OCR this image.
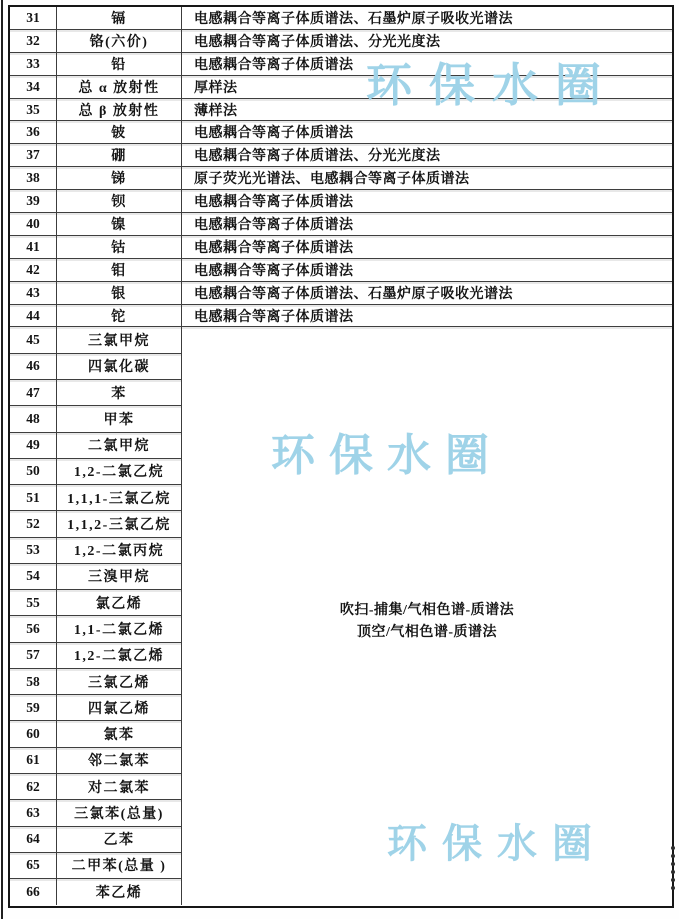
吹扫-捕集/气相色谱-质谱法
顶空/气相色谱-质谱法
31	镉	电感耦合等离子体质谱法、石墨炉原子吸收光谱法
32	铬(六价)	电感耦合等离子体质谱法、分光光度法
33	铅	电感耦合等离子体质谱法
34	总 α 放射性	厚样法
35	总 β 放射性	薄样法
36	铍	电感耦合等离子体质谱法
37	硼	电感耦合等离子体质谱法、分光光度法
38	锑	原子荧光光谱法、电感耦合等离子体质谱法
39	钡	电感耦合等离子体质谱法
40	镍	电感耦合等离子体质谱法
41	钴	电感耦合等离子体质谱法
42	钼	电感耦合等离子体质谱法
43	银	电感耦合等离子体质谱法、石墨炉原子吸收光谱法
44	铊	电感耦合等离子体质谱法
45	三氯甲烷
46	四氯化碳
47	苯
48	甲苯
49	二氯甲烷
50	1,2-二氯乙烷
51	1,1,1-三氯乙烷
52	1,1,2-三氯乙烷
53	1,2-二氯丙烷
54	三溴甲烷
55	氯乙烯
56	1,1-二氯乙烯
57	1,2-二氯乙烯
58	三氯乙烯
59	四氯乙烯
60	氯苯
61	邻二氯苯
62	对二氯苯
63	三氯苯(总量)
64	乙苯
65	二甲苯(总量 )
66	苯乙烯
环保水圈
环保水圈
环保水圈
